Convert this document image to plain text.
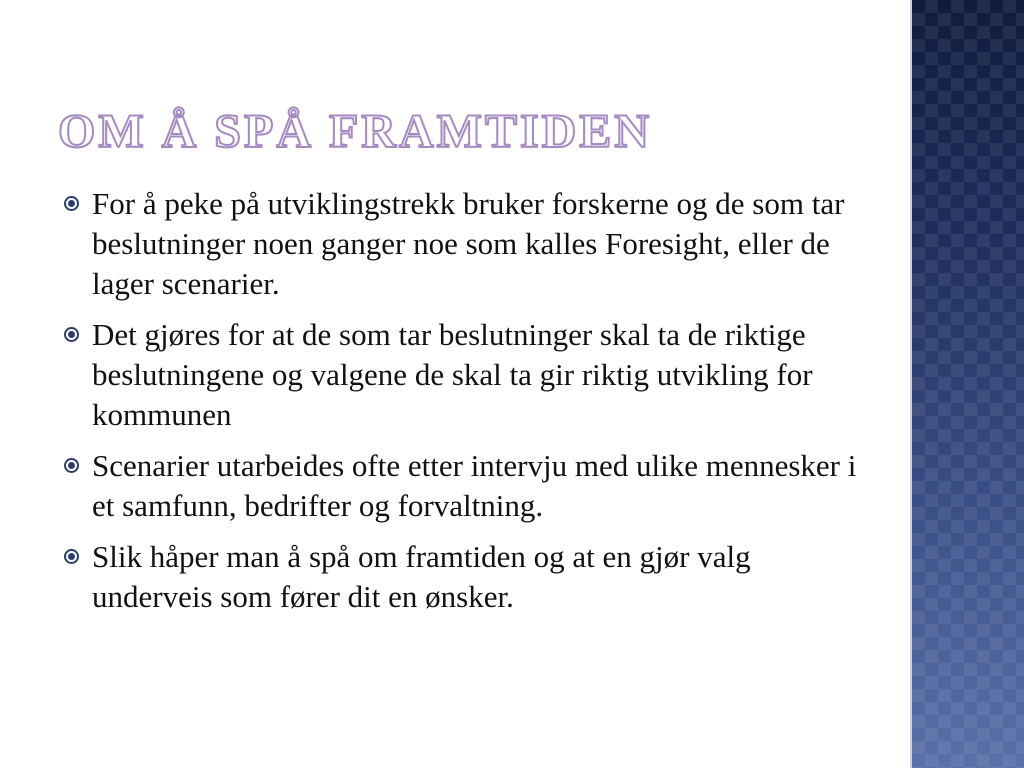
OM Å SPÅ FRAMTIDEN
For å peke på utviklingstrekk bruker forskerne og de som tar beslutninger noen ganger noe som kalles Foresight, eller de lager scenarier.
Det gjøres for at de som tar beslutninger skal ta de riktige beslutningene og valgene de skal ta gir riktig utvikling for kommunen
Scenarier utarbeides ofte etter intervju med ulike mennesker i et samfunn, bedrifter og forvaltning.
Slik håper man å spå om framtiden og at en gjør valg underveis som fører dit en ønsker.
